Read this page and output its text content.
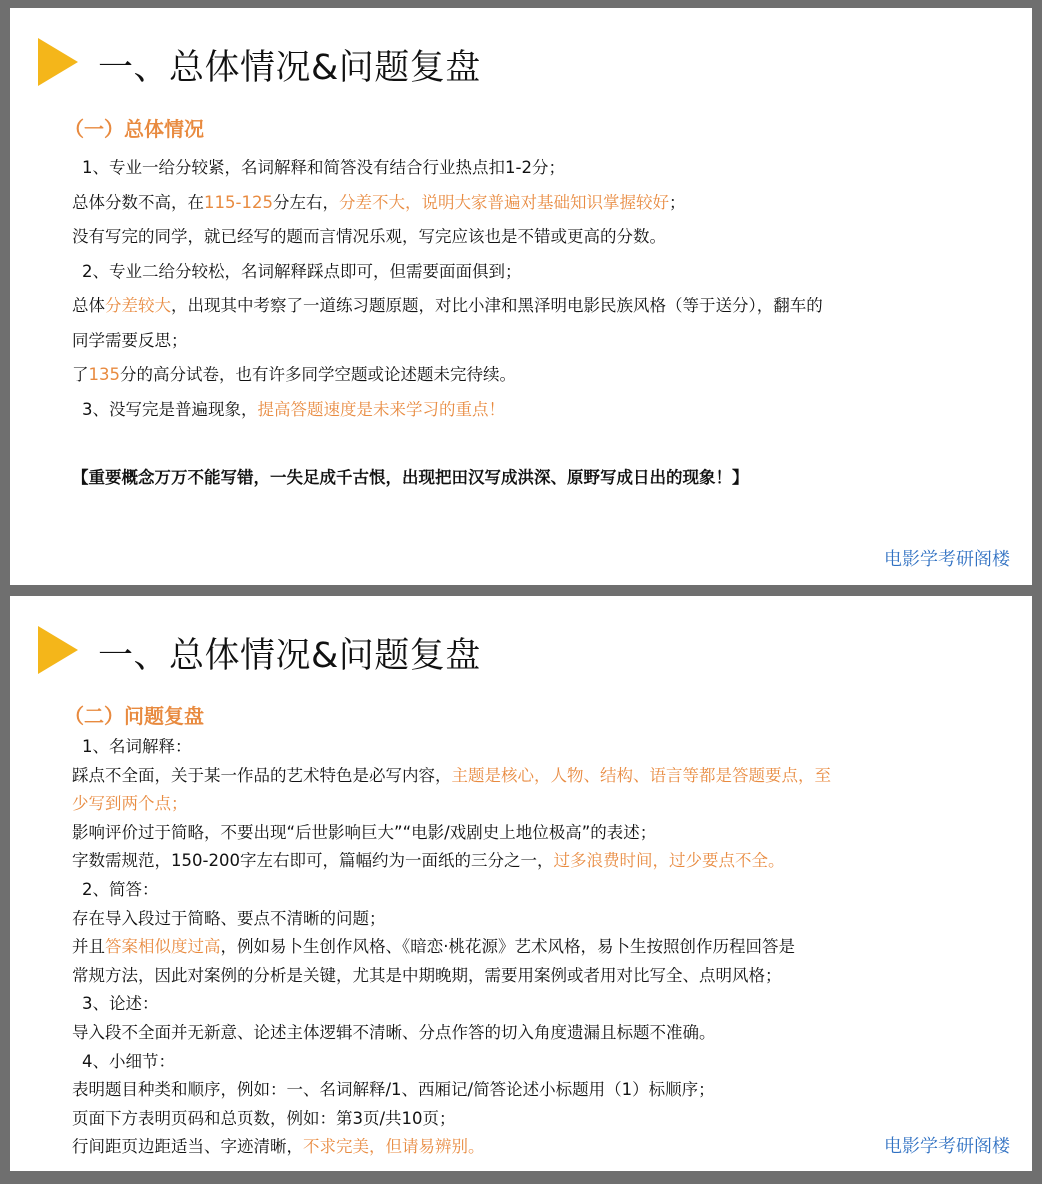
一、总体情况&问题复盘
（一）总体情况
1、专业一给分较紧，名词解释和简答没有结合行业热点扣1-2分；
总体分数不高，在115-125分左右，分差不大，说明大家普遍对基础知识掌握较好；
没有写完的同学，就已经写的题而言情况乐观，写完应该也是不错或更高的分数。
2、专业二给分较松，名词解释踩点即可，但需要面面俱到；
总体分差较大，出现其中考察了一道练习题原题，对比小津和黑泽明电影民族风格（等于送分），翻车的
同学需要反思；
了135分的高分试卷，也有许多同学空题或论述题未完待续。
3、没写完是普遍现象，提高答题速度是未来学习的重点！
【重要概念万万不能写错，一失足成千古恨，出现把田汉写成洪深、原野写成日出的现象！】
电影学考研阁楼
一、总体情况&问题复盘
（二）问题复盘
1、名词解释：
踩点不全面，关于某一作品的艺术特色是必写内容，主题是核心，人物、结构、语言等都是答题要点，至
少写到两个点；
影响评价过于简略，不要出现“后世影响巨大”“电影/戏剧史上地位极高”的表述；
字数需规范，150-200字左右即可，篇幅约为一面纸的三分之一，过多浪费时间，过少要点不全。
2、简答：
存在导入段过于简略、要点不清晰的问题；
并且答案相似度过高，例如易卜生创作风格、《暗恋·桃花源》艺术风格，易卜生按照创作历程回答是
常规方法，因此对案例的分析是关键，尤其是中期晚期，需要用案例或者用对比写全、点明风格；
3、论述：
导入段不全面并无新意、论述主体逻辑不清晰、分点作答的切入角度遗漏且标题不准确。
4、小细节：
表明题目种类和顺序，例如：一、名词解释/1、西厢记/简答论述小标题用（1）标顺序；
页面下方表明页码和总页数，例如：第3页/共10页；
行间距页边距适当、字迹清晰，不求完美，但请易辨别。	电影学考研阁楼
